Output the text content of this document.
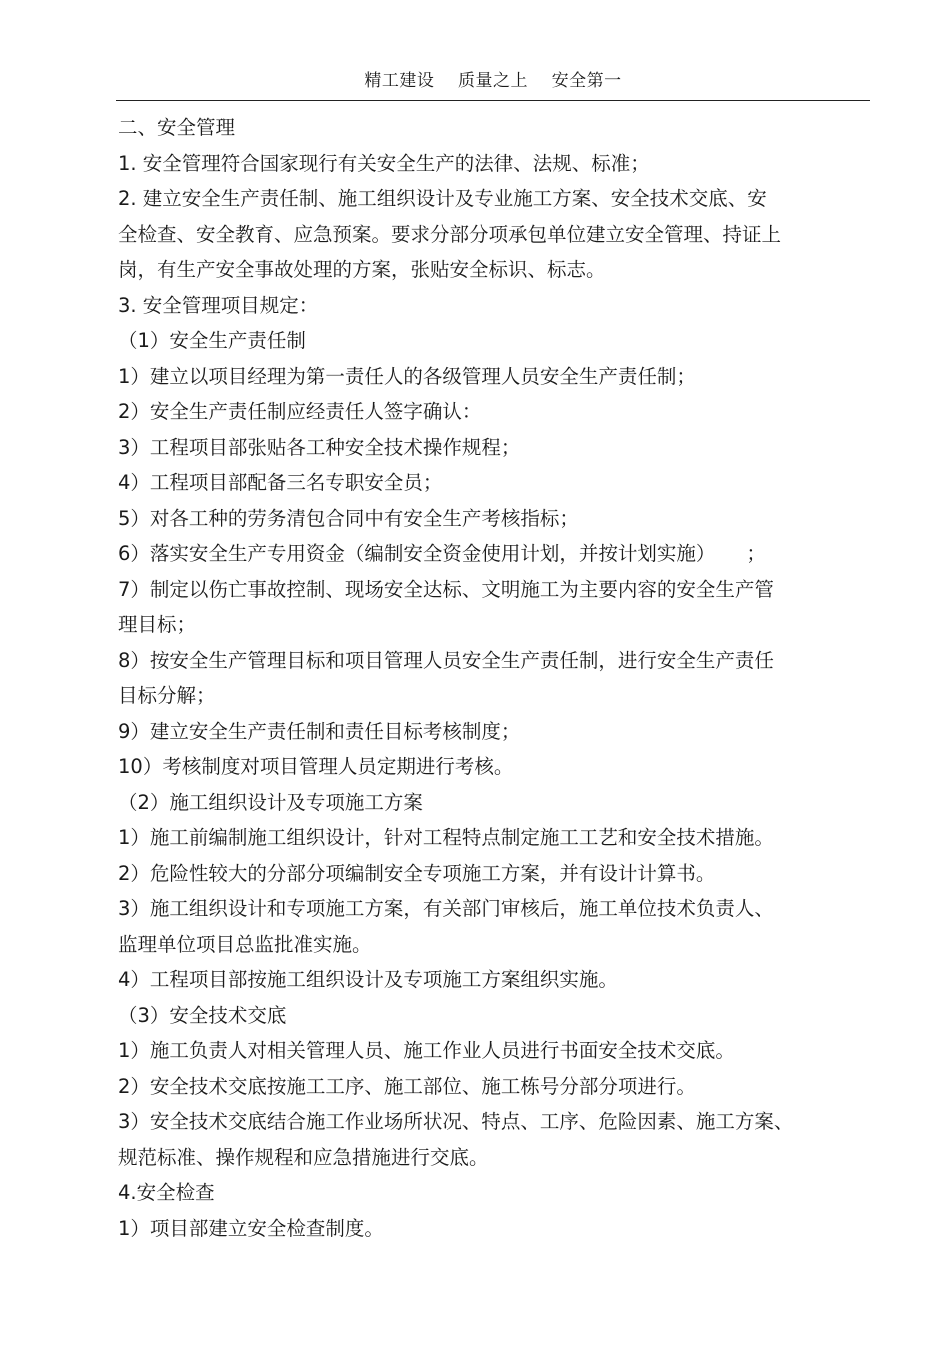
精工建设    质量之上    安全第一
二、安全管理
1. 安全管理符合国家现行有关安全生产的法律、法规、标准；
2. 建立安全生产责任制、施工组织设计及专业施工方案、安全技术交底、安
全检查、安全教育、应急预案。要求分部分项承包单位建立安全管理、持证上
岗，有生产安全事故处理的方案，张贴安全标识、标志。
3. 安全管理项目规定：
（1）安全生产责任制
1）建立以项目经理为第一责任人的各级管理人员安全生产责任制；
2）安全生产责任制应经责任人签字确认：
3）工程项目部张贴各工种安全技术操作规程；
4）工程项目部配备三名专职安全员；
5）对各工种的劳务清包合同中有安全生产考核指标；
6）落实安全生产专用资金（编制安全资金使用计划，并按计划实施）     ；
7）制定以伤亡事故控制、现场安全达标、文明施工为主要内容的安全生产管
理目标；
8）按安全生产管理目标和项目管理人员安全生产责任制，进行安全生产责任
目标分解；
9）建立安全生产责任制和责任目标考核制度；
10）考核制度对项目管理人员定期进行考核。
（2）施工组织设计及专项施工方案
1）施工前编制施工组织设计，针对工程特点制定施工工艺和安全技术措施。
2）危险性较大的分部分项编制安全专项施工方案，并有设计计算书。
3）施工组织设计和专项施工方案，有关部门审核后，施工单位技术负责人、
监理单位项目总监批准实施。
4）工程项目部按施工组织设计及专项施工方案组织实施。
（3）安全技术交底
1）施工负责人对相关管理人员、施工作业人员进行书面安全技术交底。
2）安全技术交底按施工工序、施工部位、施工栋号分部分项进行。
3）安全技术交底结合施工作业场所状况、特点、工序、危险因素、施工方案、
规范标准、操作规程和应急措施进行交底。
4.安全检查
1）项目部建立安全检查制度。
